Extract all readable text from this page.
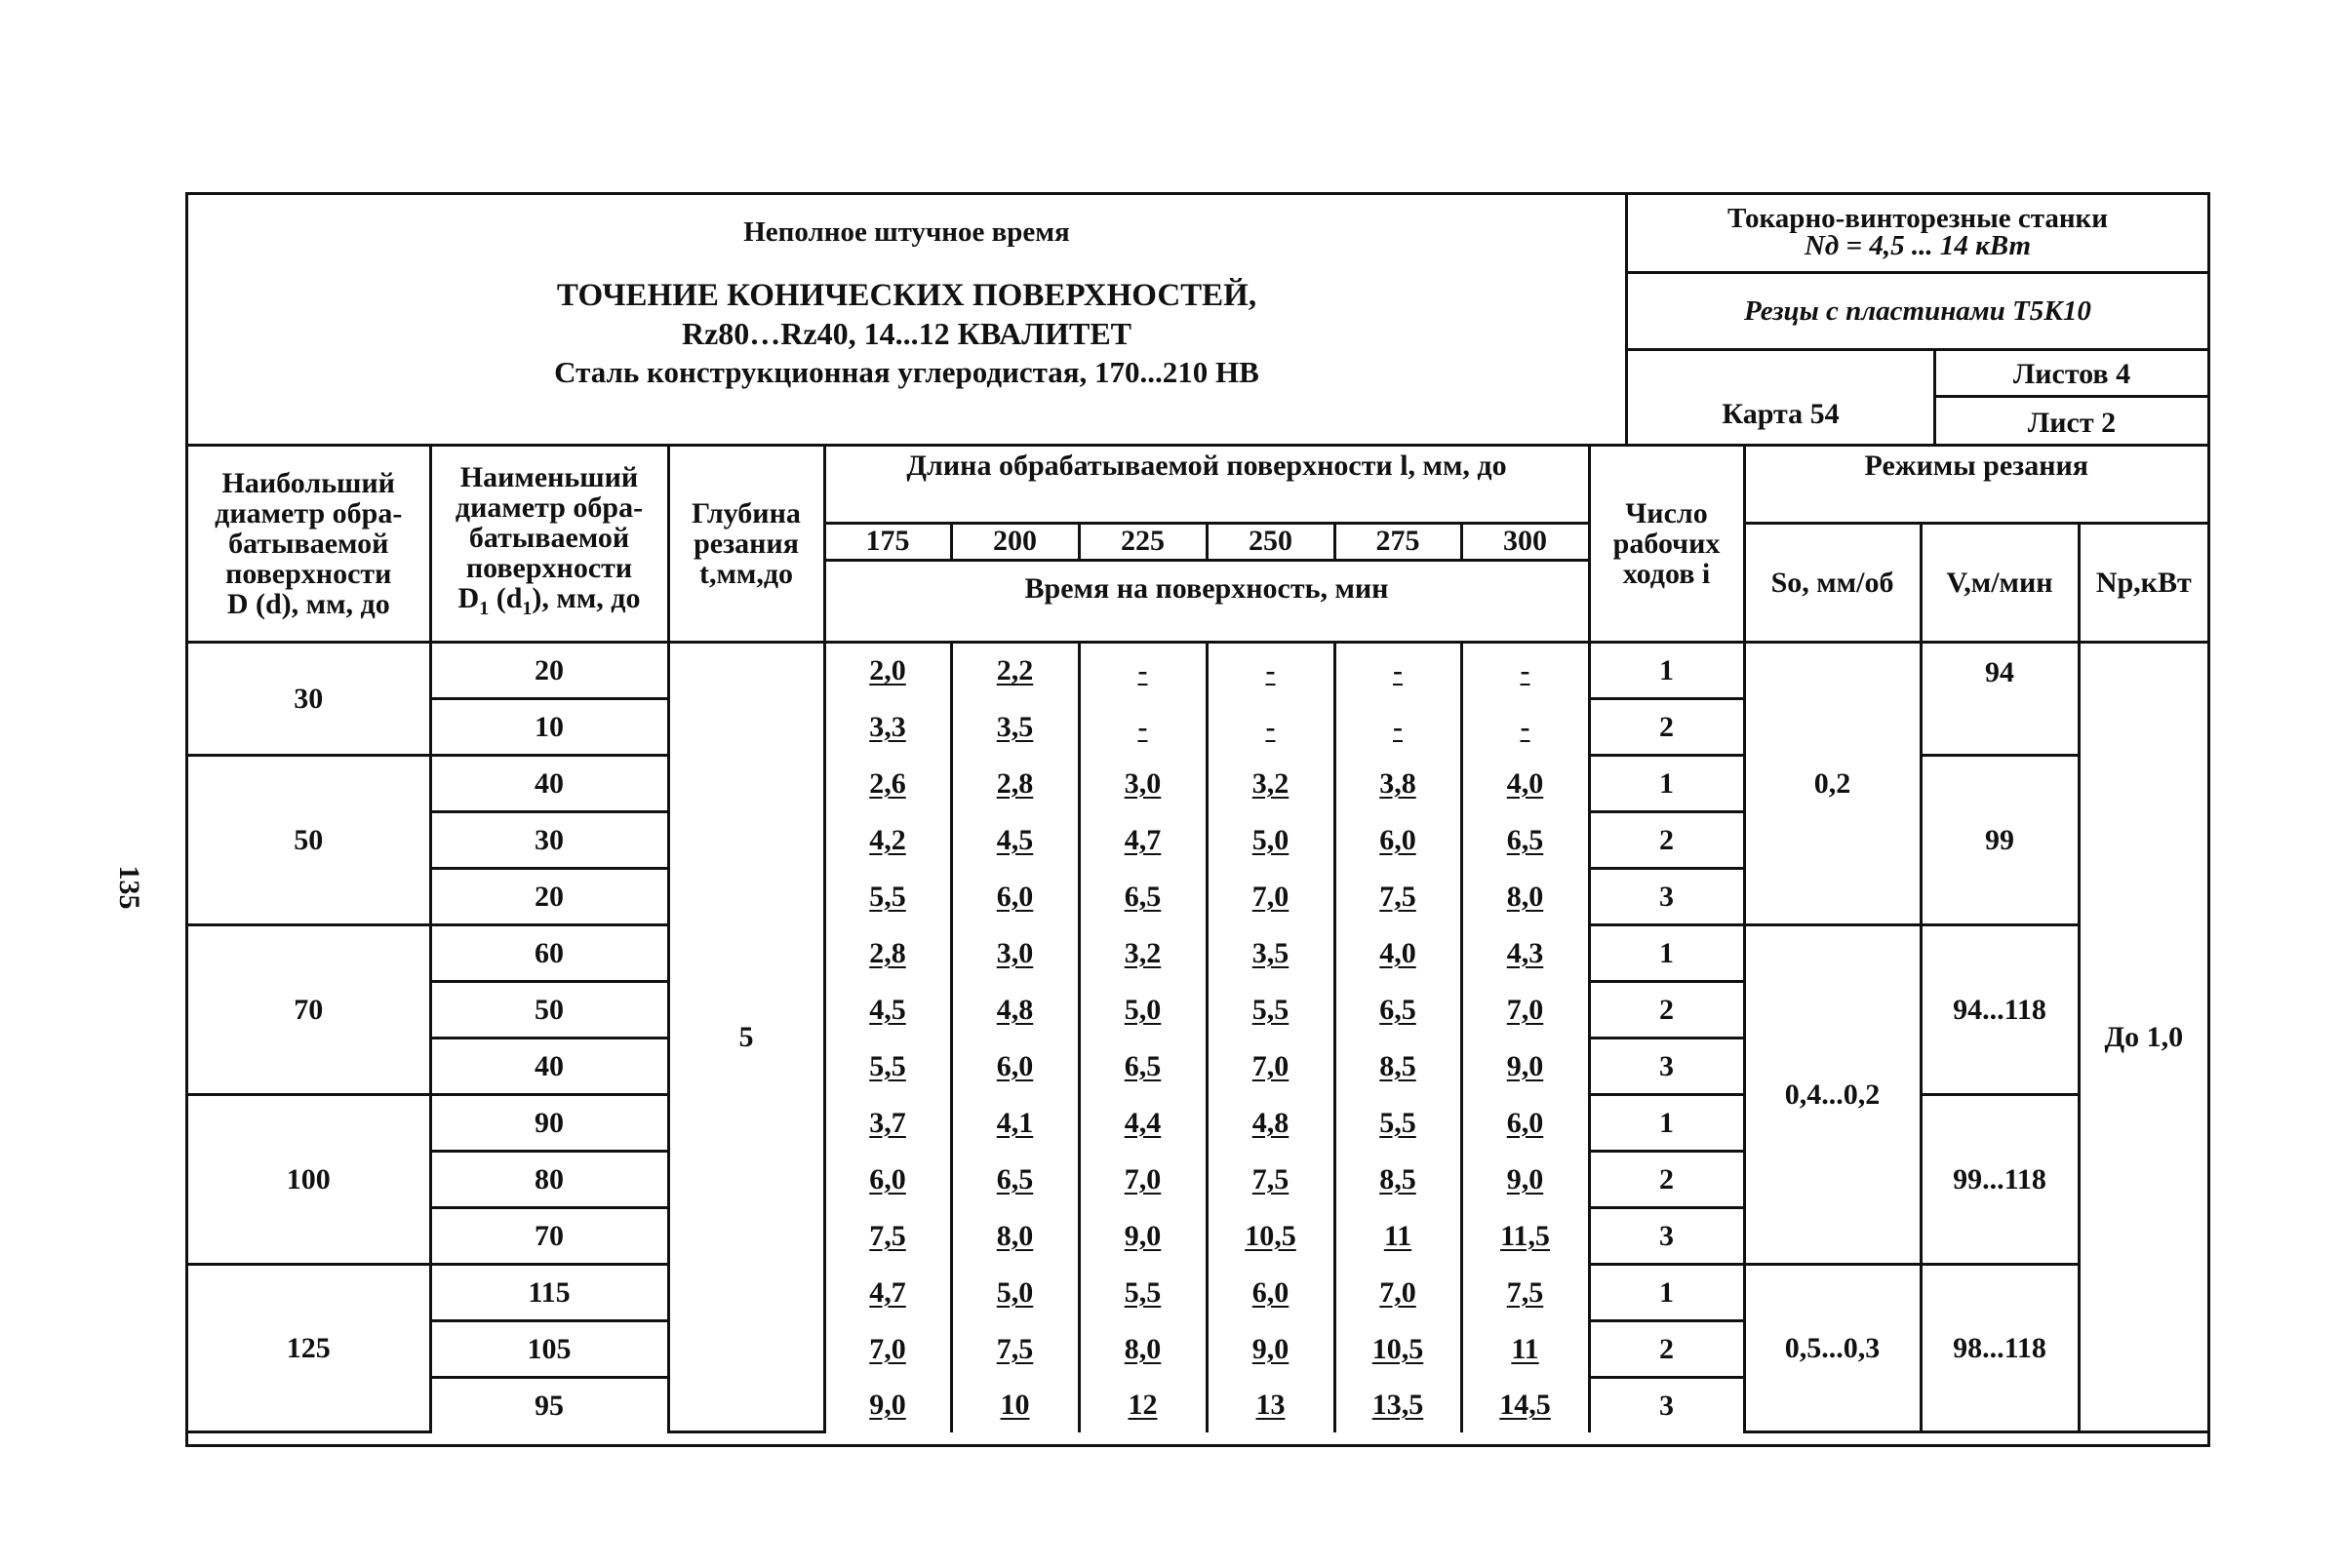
135
Неполное штучное время
ТОЧЕНИЕ КОНИЧЕСКИХ ПОВЕРХНОСТЕЙ,
Rz80…Rz40, 14...12 КВАЛИТЕТ
Сталь конструкционная углеродистая, 170...210 НВ
Токарно-винторезные станки
Nд = 4,5 ... 14 кВт
Резцы с пластинами Т5К10
Карта 54
Листов 4
Лист 2
Наибольший
диаметр обра-
батываемой
поверхности
D (d), мм, до	Наименьший
диаметр обра-
батываемой
поверхности
$D_1$ $(d_1)$, мм, до	Глубина
резания
t,мм,до	Длина обрабатываемой поверхности l, мм, до						Число
рабочих
ходов i	Режимы резания		
			175	200	225	250	275	300		So, мм/об	V,м/мин	Nр,кВт
			Время на поверхность, мин									
30	20	5	2,0	2,2	-	-	-	-	1	0,2	94	До 1,0
	10		3,3	3,5	-	-	-	-	2			
50	40		2,6	2,8	3,0	3,2	3,8	4,0	1		99	
	30		4,2	4,5	4,7	5,0	6,0	6,5	2			
	20		5,5	6,0	6,5	7,0	7,5	8,0	3			
70	60		2,8	3,0	3,2	3,5	4,0	4,3	1	0,4...0,2	94...118	
	50		4,5	4,8	5,0	5,5	6,5	7,0	2			
	40		5,5	6,0	6,5	7,0	8,5	9,0	3			
100	90		3,7	4,1	4,4	4,8	5,5	6,0	1		99...118	
	80		6,0	6,5	7,0	7,5	8,5	9,0	2			
	70		7,5	8,0	9,0	10,5	11	11,5	3			
125	115		4,7	5,0	5,5	6,0	7,0	7,5	1	0,5...0,3	98...118	
	105		7,0	7,5	8,0	9,0	10,5	11	2			
	95		9,0	10	12	13	13,5	14,5	3			
